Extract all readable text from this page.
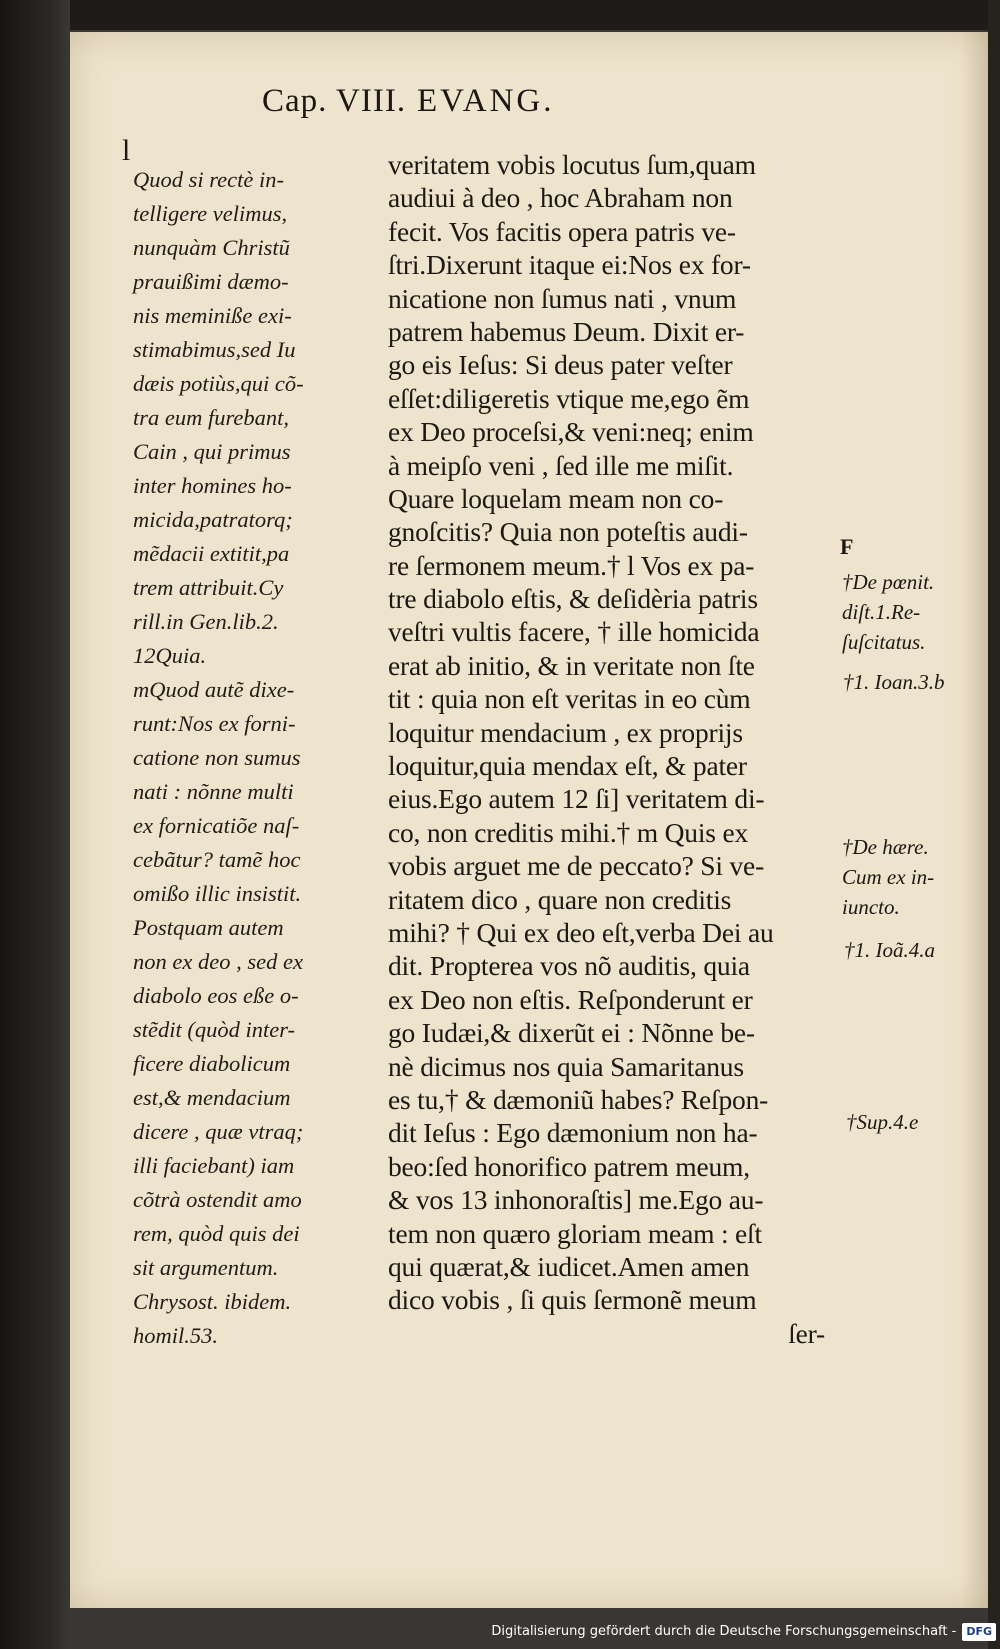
Cap. VIII. EVANG.
l
Quod si rectè in-
telligere velimus,
nunquàm Christũ
prauißimi dæmo-
nis meminiße exi-
stimabimus,sed Iu
dæis potiùs,qui cõ-
tra eum furebant,
Cain , qui primus
inter homines ho-
micida,patratorq;
mẽdacii extitit,pa
trem attribuit.Cy
rill.in Gen.lib.2.
12Quia.
mQuod autẽ dixe-
runt:Nos ex forni-
catione non sumus
nati : nõnne multi
ex fornicatiõe naſ-
cebãtur? tamẽ hoc
omißo illic insistit.
Postquam autem
non ex deo , sed ex
diabolo eos eße o-
stẽdit (quòd inter-
ficere diabolicum
est,& mendacium
dicere , quæ vtraq;
illi faciebant) iam
cõtrà ostendit amo
rem, quòd quis dei
sit argumentum.
Chrysost. ibidem.
homil.53.
veritatem vobis locutus ſum,quam
audiui à deo , hoc Abraham non
fecit. Vos facitis opera patris ve-
ſtri.Dixerunt itaque ei:Nos ex for-
nicatione non ſumus nati , vnum
patrem habemus Deum. Dixit er-
go eis Ieſus: Si deus pater veſter
eſſet:diligeretis vtique me,ego ẽm
ex Deo proceſsi,& veni:neq; enim
à meipſo veni , ſed ille me miſit.
Quare loquelam meam non co-
gnoſcitis? Quia non poteſtis audi-
re ſermonem meum.† l Vos ex pa-
tre diabolo eſtis, & deſidèria patris
veſtri vultis facere, † ille homicida
erat ab initio, & in veritate non ſte
tit : quia non eſt veritas in eo cùm
loquitur mendacium , ex proprijs
loquitur,quia mendax eſt, & pater
eius.Ego autem 12 ſi] veritatem di-
co, non creditis mihi.† m Quis ex
vobis arguet me de peccato? Si ve-
ritatem dico , quare non creditis
mihi? † Qui ex deo eſt,verba Dei au
dit. Propterea vos nõ auditis, quia
ex Deo non eſtis. Reſponderunt er
go Iudæi,& dixerũt ei : Nõnne be-
nè dicimus nos quia Samaritanus
es tu,† & dæmoniũ habes? Reſpon-
dit Ieſus : Ego dæmonium non ha-
beo:ſed honorifico patrem meum,
& vos 13 inhonoraſtis] me.Ego au-
tem non quæro gloriam meam : eſt
qui quærat,& iudicet.Amen amen
dico vobis , ſi quis ſermonẽ meum
ſer-
F
†De pœnit.
diſt.1.Re-
ſuſcitatus.
†1. Ioan.3.b
†De hære.
Cum ex in-
iuncto.
†1. Ioã.4.a
†Sup.4.e
Digitalisierung gefördert durch die Deutsche Forschungsgemeinschaft - DFG
